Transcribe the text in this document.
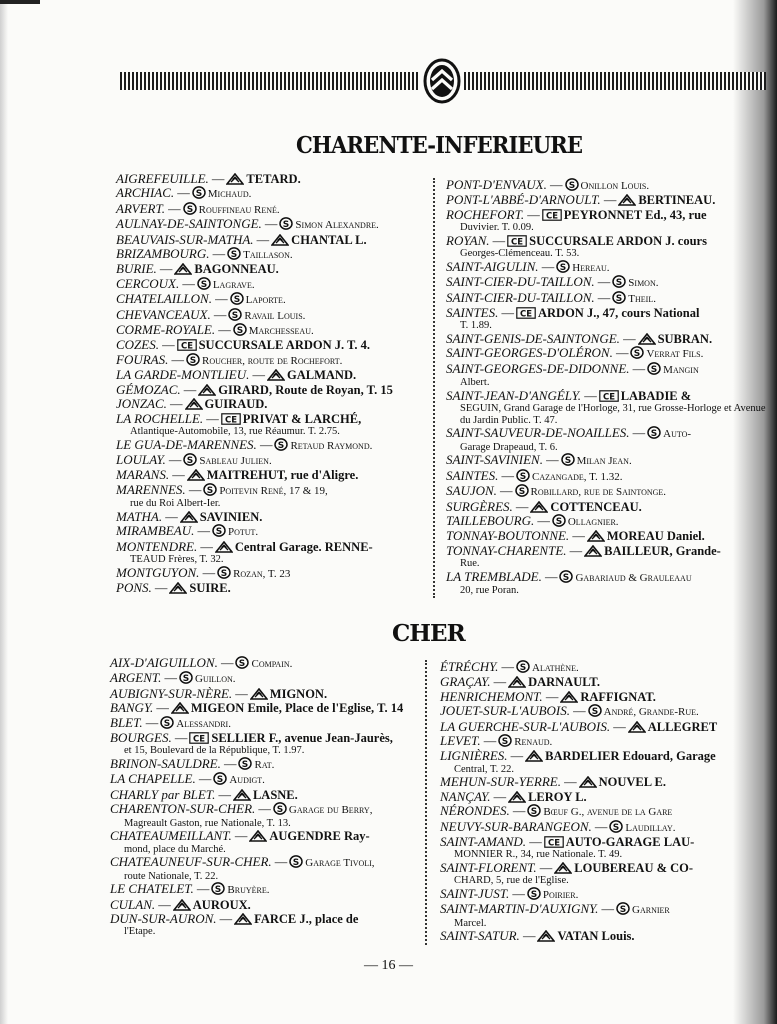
CHARENTE-INFERIEURE
AIGREFEUILLE. — TETARD.
ARCHIAC. — S Michaud.
ARVERT. — S Rouffineau René.
AULNAY-DE-SAINTONGE. — S Simon Alexandre.
BEAUVAIS-SUR-MATHA. — CHANTAL L.
BRIZAMBOURG. — S Taillason.
BURIE. — BAGONNEAU.
CERCOUX. — S Lagrave.
CHATELAILLON. — S Laporte.
CHEVANCEAUX. — S Ravail Louis.
CORME-ROYALE. — S Marchesseau.
COZES. — CE SUCCURSALE ARDON J. T. 4.
FOURAS. — S Roucher, route de Rochefort.
LA GARDE-MONTLIEU. — GALMAND.
GÉMOZAC. — GIRARD, Route de Royan, T. 15
JONZAC. — GUIRAUD.
LA ROCHELLE. — CE PRIVAT & LARCHÉ,
Atlantique-Automobile, 13, rue Réaumur. T. 2.75.
LE GUA-DE-MARENNES. — S Retaud Raymond.
LOULAY. — S Sableau Julien.
MARANS. — MAITREHUT, rue d'Aligre.
MARENNES. — S Poitevin René, 17 & 19,
rue du Roi Albert-Ier.
MATHA. — SAVINIEN.
MIRAMBEAU. — S Potut.
MONTENDRE. — Central Garage. RENNE-
TEAUD Frères, T. 32.
MONTGUYON. — S Rozan, T. 23
PONS. — SUIRE.
PONT-D'ENVAUX. — S Onillon Louis.
PONT-L'ABBÉ-D'ARNOULT. — BERTINEAU.
ROCHEFORT. — CE PEYRONNET Ed., 43, rue
Duvivier. T. 0.09.
ROYAN. — CE SUCCURSALE ARDON J. cours
Georges-Clémenceau. T. 53.
SAINT-AIGULIN. — S Hereau.
SAINT-CIER-DU-TAILLON. — S Simon.
SAINT-CIER-DU-TAILLON. — S Theil.
SAINTES. — CE ARDON J., 47, cours National
T. 1.89.
SAINT-GENIS-DE-SAINTONGE. — SUBRAN.
SAINT-GEORGES-D'OLÉRON. — S Verrat Fils.
SAINT-GEORGES-DE-DIDONNE. — S Mangin
Albert.
SAINT-JEAN-D'ANGÉLY. — CE LABADIE &
SEGUIN, Grand Garage de l'Horloge, 31, rue Grosse-Horloge et Avenue du Jardin Public. T. 47.
SAINT-SAUVEUR-DE-NOAILLES. — S Auto-
Garage Drapeaud, T. 6.
SAINT-SAVINIEN. — S Milan Jean.
SAINTES. — S Cazangade, T. 1.32.
SAUJON. — S Robillard, rue de Saintonge.
SURGÈRES. — COTTENCEAU.
TAILLEBOURG. — S Ollagnier.
TONNAY-BOUTONNE. — MOREAU Daniel.
TONNAY-CHARENTE. — BAILLEUR, Grande-
Rue.
LA TREMBLADE. — S Gabariaud & Grauleaau
20, rue Poran.
CHER
AIX-D'AIGUILLON. — S Compain.
ARGENT. — S Guillon.
AUBIGNY-SUR-NÈRE. — MIGNON.
BANGY. — MIGEON Emile, Place de l'Eglise, T. 14
BLET. — S Alessandri.
BOURGES. — CE SELLIER F., avenue Jean-Jaurès,
et 15, Boulevard de la République, T. 1.97.
BRINON-SAULDRE. — S Rat.
LA CHAPELLE. — S Audigt.
CHARLY par BLET. — LASNE.
CHARENTON-SUR-CHER. — S Garage du Berry,
Magreault Gaston, rue Nationale, T. 13.
CHATEAUMEILLANT. — AUGENDRE Ray-
mond, place du Marché.
CHATEAUNEUF-SUR-CHER. — S Garage Tivoli,
route Nationale, T. 22.
LE CHATELET. — S Bruyère.
CULAN. — AUROUX.
DUN-SUR-AURON. — FARCE J., place de
l'Etape.
ÉTRÉCHY. — S Alathène.
GRAÇAY. — DARNAULT.
HENRICHEMONT. — RAFFIGNAT.
JOUET-SUR-L'AUBOIS. — S André, Grande-Rue.
LA GUERCHE-SUR-L'AUBOIS. — ALLEGRET
LEVET. — S Renaud.
LIGNIÈRES. — BARDELIER Edouard, Garage
Central, T. 22.
MEHUN-SUR-YERRE. — NOUVEL E.
NANÇAY. — LEROY L.
NÉRONDES. — S Bœuf G., avenue de la Gare
NEUVY-SUR-BARANGEON. — S Laudillay.
SAINT-AMAND. — CE AUTO-GARAGE LAU-
MONNIER R., 34, rue Nationale. T. 49.
SAINT-FLORENT. — LOUBEREAU & CO-
CHARD, 5, rue de l'Eglise.
SAINT-JUST. — S Poirier.
SAINT-MARTIN-D'AUXIGNY. — S Garnier
Marcel.
SAINT-SATUR. — VATAN Louis.
— 16 —
